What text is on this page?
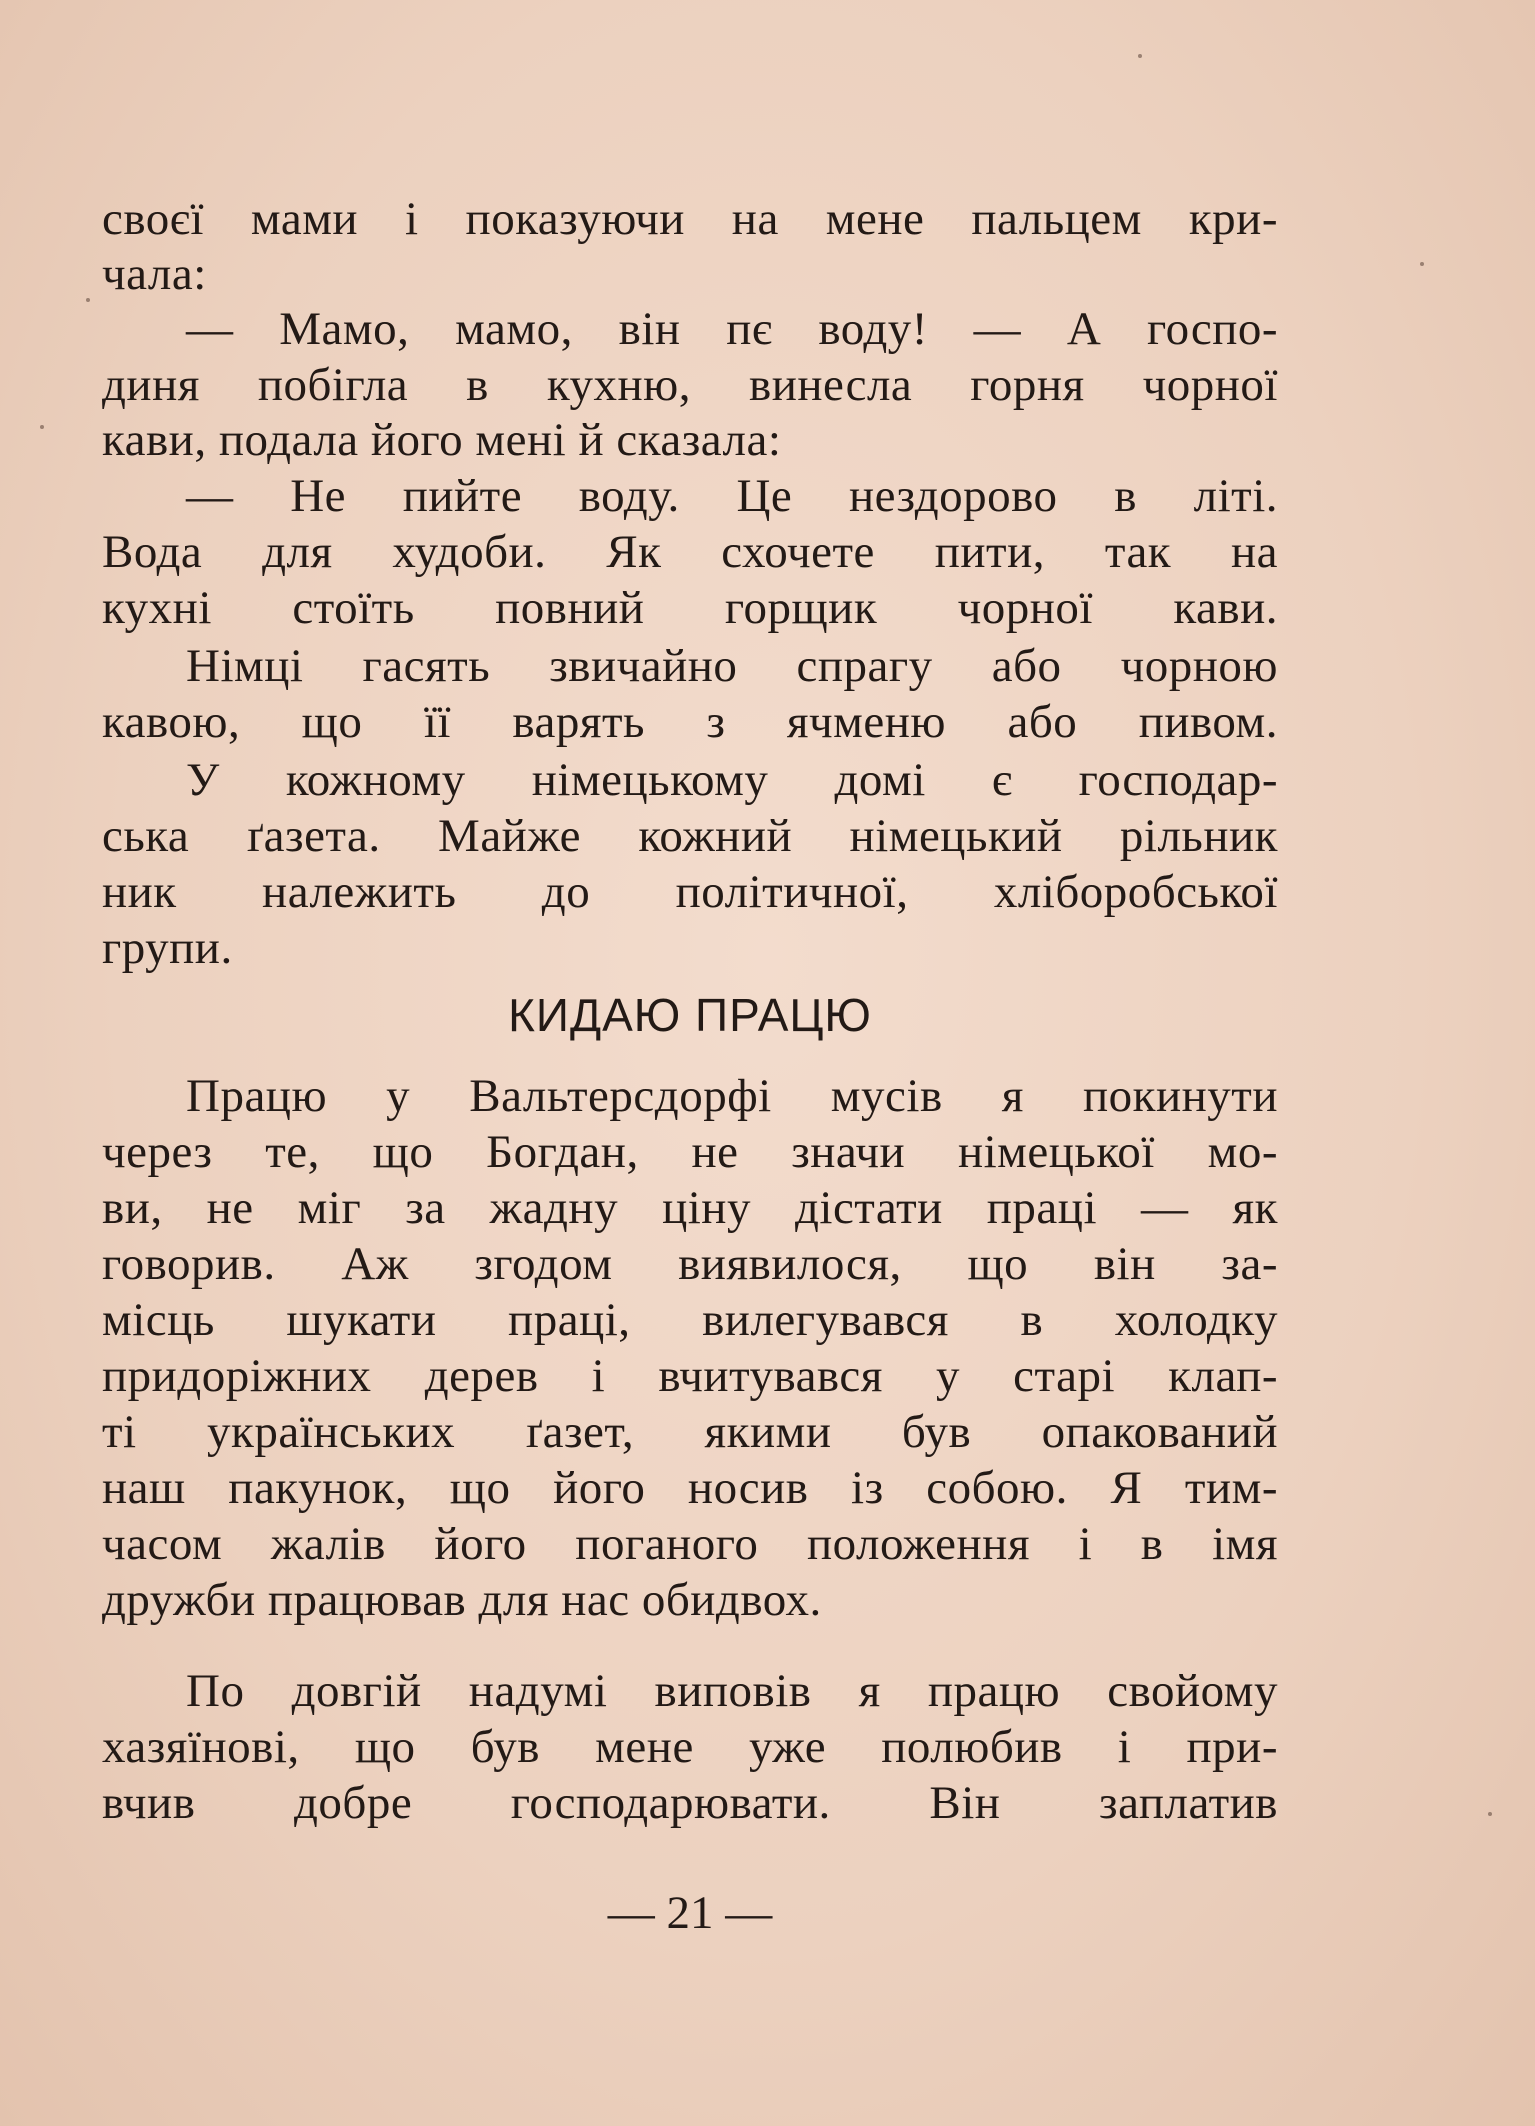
своєї мами і показуючи на мене пальцем кри-
чала:
— Мамо, мамо, він пє воду! — А госпо-
диня побігла в кухню, винесла горня чорної
кави, подала його мені й сказала:
— Не пийте воду. Це нездорово в літі.
Вода для худоби. Як схочете пити, так на
кухні стоїть повний горщик чорної кави.
Німці гасять звичайно спрагу або чорною
кавою, що її варять з ячменю або пивом.
У кожному німецькому домі є господар-
ська ґазета. Майже кожний німецький рільник
ник належить до політичної, хліборобської
групи.
КИДАЮ ПРАЦЮ
Працю у Вальтерсдорфі мусів я покинути
через те, що Богдан, не значи німецької мо-
ви, не міг за жадну ціну дістати праці — як
говорив. Аж згодом виявилося, що він за-
місць шукати праці, вилегувався в холодку
придоріжних дерев і вчитувався у старі клап-
ті українських ґазет, якими був опакований
наш пакунок, що його носив із собою. Я тим-
часом жалів його поганого положення і в імя
дружби працював для нас обидвох.
По довгій надумі виповів я працю свойому
хазяїнові, що був мене уже полюбив і при-
вчив добре господарювати. Він заплатив
— 21 —
